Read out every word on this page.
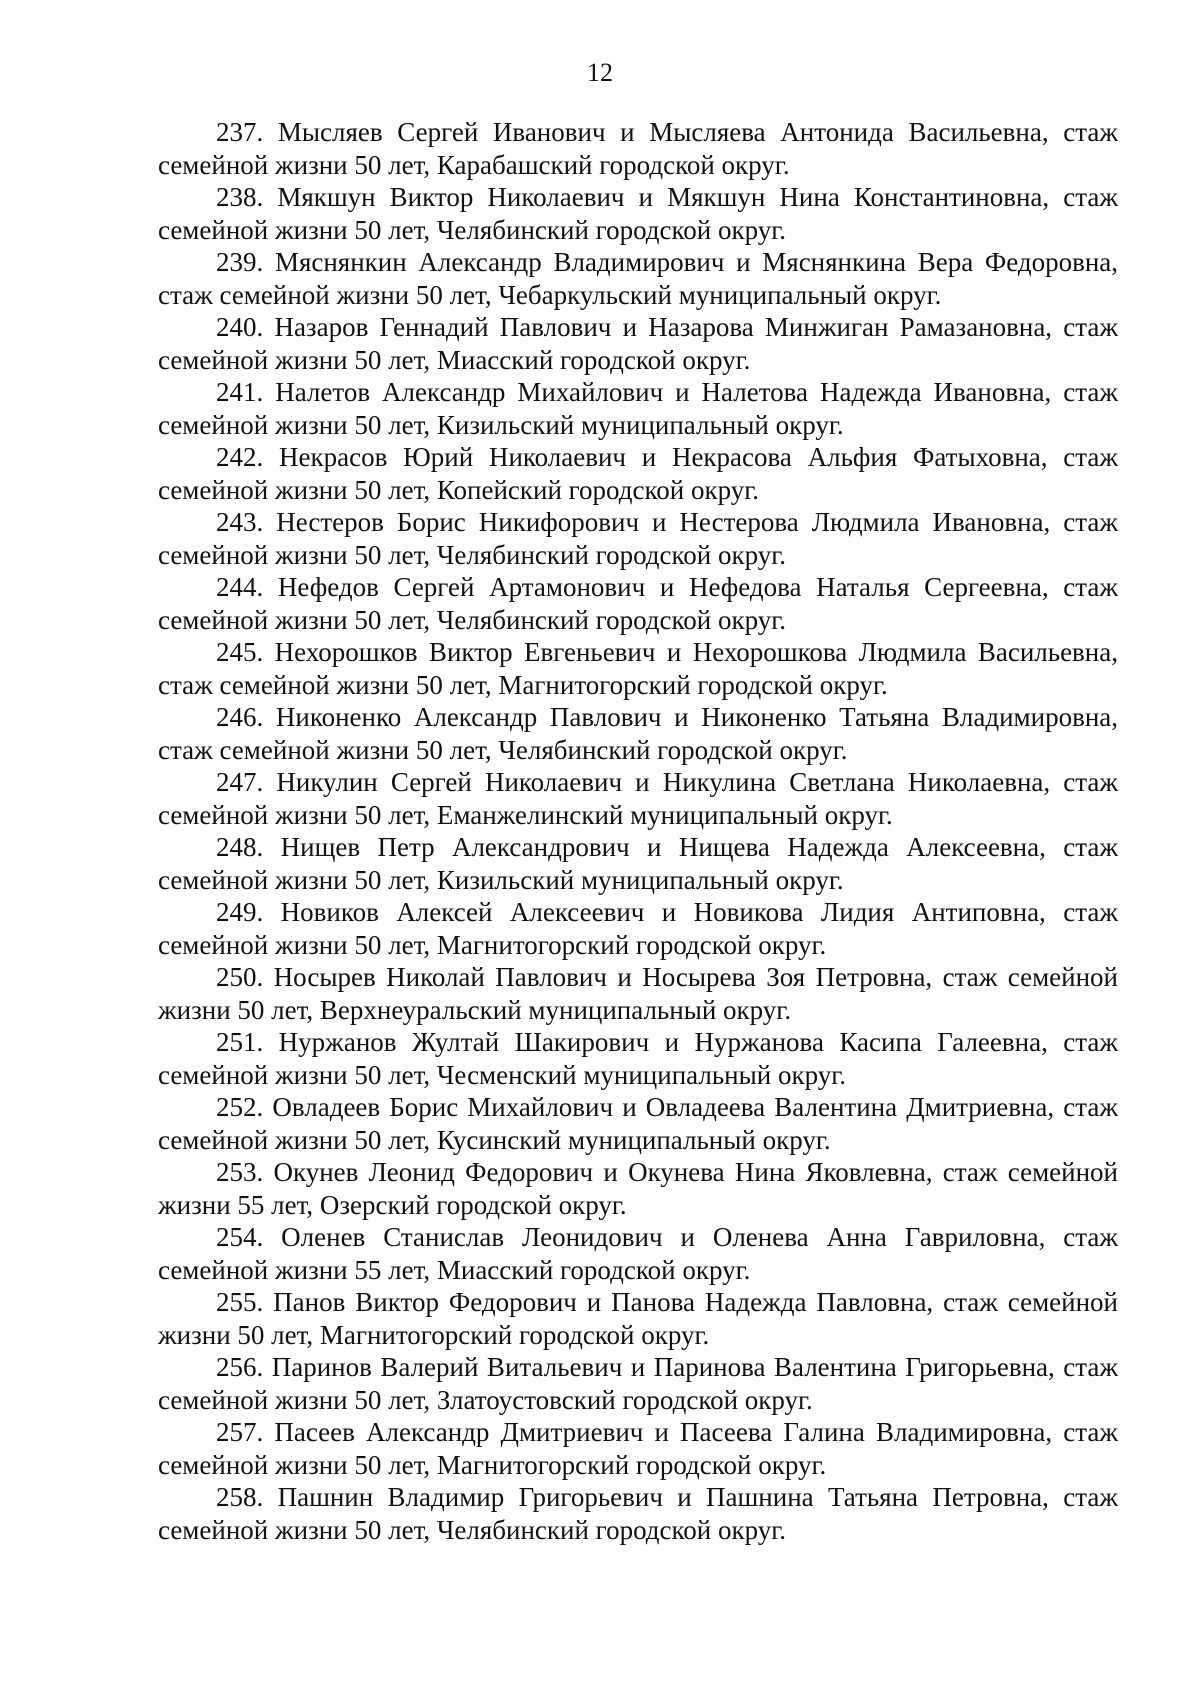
12

237. Мысляев Сергей Иванович и Мысляева Антонида Васильевна, стаж семейной жизни 50 лет, Карабашский городской округ.

238. Мякшун Виктор Николаевич и Мякшун Нина Константиновна, стаж семейной жизни 50 лет, Челябинский городской округ.

239. Мяснянкин Александр Владимирович и Мяснянкина Вера Федоровна, стаж семейной жизни 50 лет, Чебаркульский муниципальный округ.

240. Назаров Геннадий Павлович и Назарова Минжиган Рамазановна, стаж семейной жизни 50 лет, Миасский городской округ.

241. Налетов Александр Михайлович и Налетова Надежда Ивановна, стаж семейной жизни 50 лет, Кизильский муниципальный округ.

242. Некрасов Юрий Николаевич и Некрасова Альфия Фатыховна, стаж семейной жизни 50 лет, Копейский городской округ.

243. Нестеров Борис Никифорович и Нестерова Людмила Ивановна, стаж семейной жизни 50 лет, Челябинский городской округ.

244. Нефедов Сергей Артамонович и Нефедова Наталья Сергеевна, стаж семейной жизни 50 лет, Челябинский городской округ.

245. Нехорошков Виктор Евгеньевич и Нехорошкова Людмила Васильевна, стаж семейной жизни 50 лет, Магнитогорский городской округ.

246. Никоненко Александр Павлович и Никоненко Татьяна Владимировна, стаж семейной жизни 50 лет, Челябинский городской округ.

247. Никулин Сергей Николаевич и Никулина Светлана Николаевна, стаж семейной жизни 50 лет, Еманжелинский муниципальный округ.

248. Нищев Петр Александрович и Нищева Надежда Алексеевна, стаж семейной жизни 50 лет, Кизильский муниципальный округ.

249. Новиков Алексей Алексеевич и Новикова Лидия Антиповна, стаж семейной жизни 50 лет, Магнитогорский городской округ.

250. Носырев Николай Павлович и Носырева Зоя Петровна, стаж семейной жизни 50 лет, Верхнеуральский муниципальный округ.

251. Нуржанов Жултай Шакирович и Нуржанова Касипа Галеевна, стаж семейной жизни 50 лет, Чесменский муниципальный округ.

252. Овладеев Борис Михайлович и Овладеева Валентина Дмитриевна, стаж семейной жизни 50 лет, Кусинский муниципальный округ.

253. Окунев Леонид Федорович и Окунева Нина Яковлевна, стаж семейной жизни 55 лет, Озерский городской округ.

254. Оленев Станислав Леонидович и Оленева Анна Гавриловна, стаж семейной жизни 55 лет, Миасский городской округ.

255. Панов Виктор Федорович и Панова Надежда Павловна, стаж семейной жизни 50 лет, Магнитогорский городской округ.

256. Паринов Валерий Витальевич и Паринова Валентина Григорьевна, стаж семейной жизни 50 лет, Златоустовский городской округ.

257. Пасеев Александр Дмитриевич и Пасеева Галина Владимировна, стаж семейной жизни 50 лет, Магнитогорский городской округ.

258. Пашнин Владимир Григорьевич и Пашнина Татьяна Петровна, стаж семейной жизни 50 лет, Челябинский городской округ.
